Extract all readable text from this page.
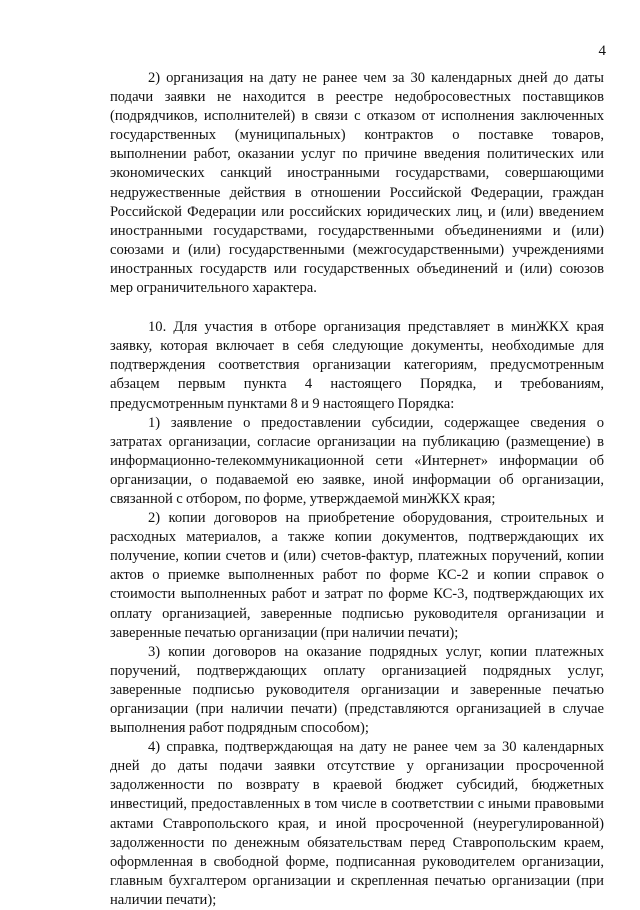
4

2) организация на дату не ранее чем за 30 календарных дней до даты подачи заявки не находится в реестре недобросовестных поставщиков (подрядчиков, исполнителей) в связи с отказом от исполнения заключенных государственных (муниципальных) контрактов о поставке товаров, выполнении работ, оказании услуг по причине введения политических или экономических санкций иностранными государствами, совершающими недружественные действия в отношении Российской Федерации, граждан Российской Федерации или российских юридических лиц, и (или) введением иностранными государствами, государственными объединениями и (или) союзами и (или) государственными (межгосударственными) учреждениями иностранных государств или государственных объединений и (или) союзов мер ограничительного характера.

10. Для участия в отборе организация представляет в минЖКХ края заявку, которая включает в себя следующие документы, необходимые для подтверждения соответствия организации категориям, предусмотренным абзацем первым пункта 4 настоящего Порядка, и требованиям, предусмотренным пунктами 8 и 9 настоящего Порядка:

1) заявление о предоставлении субсидии, содержащее сведения о затратах организации, согласие организации на публикацию (размещение) в информационно-телекоммуникационной сети «Интернет» информации об организации, о подаваемой ею заявке, иной информации об организации, связанной с отбором, по форме, утверждаемой минЖКХ края;

2) копии договоров на приобретение оборудования, строительных и расходных материалов, а также копии документов, подтверждающих их получение, копии счетов и (или) счетов-фактур, платежных поручений, копии актов о приемке выполненных работ по форме КС-2 и копии справок о стоимости выполненных работ и затрат по форме КС-3, подтверждающих их оплату организацией, заверенные подписью руководителя организации и заверенные печатью организации (при наличии печати);

3) копии договоров на оказание подрядных услуг, копии платежных поручений, подтверждающих оплату организацией подрядных услуг, заверенные подписью руководителя организации и заверенные печатью организации (при наличии печати) (представляются организацией в случае выполнения работ подрядным способом);

4) справка, подтверждающая на дату не ранее чем за 30 календарных дней до даты подачи заявки отсутствие у организации просроченной задолженности по возврату в краевой бюджет субсидий, бюджетных инвестиций, предоставленных в том числе в соответствии с иными правовыми актами Ставропольского края, и иной просроченной (неурегулированной) задолженности по денежным обязательствам перед Ставропольским краем, оформленная в свободной форме, подписанная руководителем организации, главным бухгалтером организации и скрепленная печатью организации (при наличии печати);
